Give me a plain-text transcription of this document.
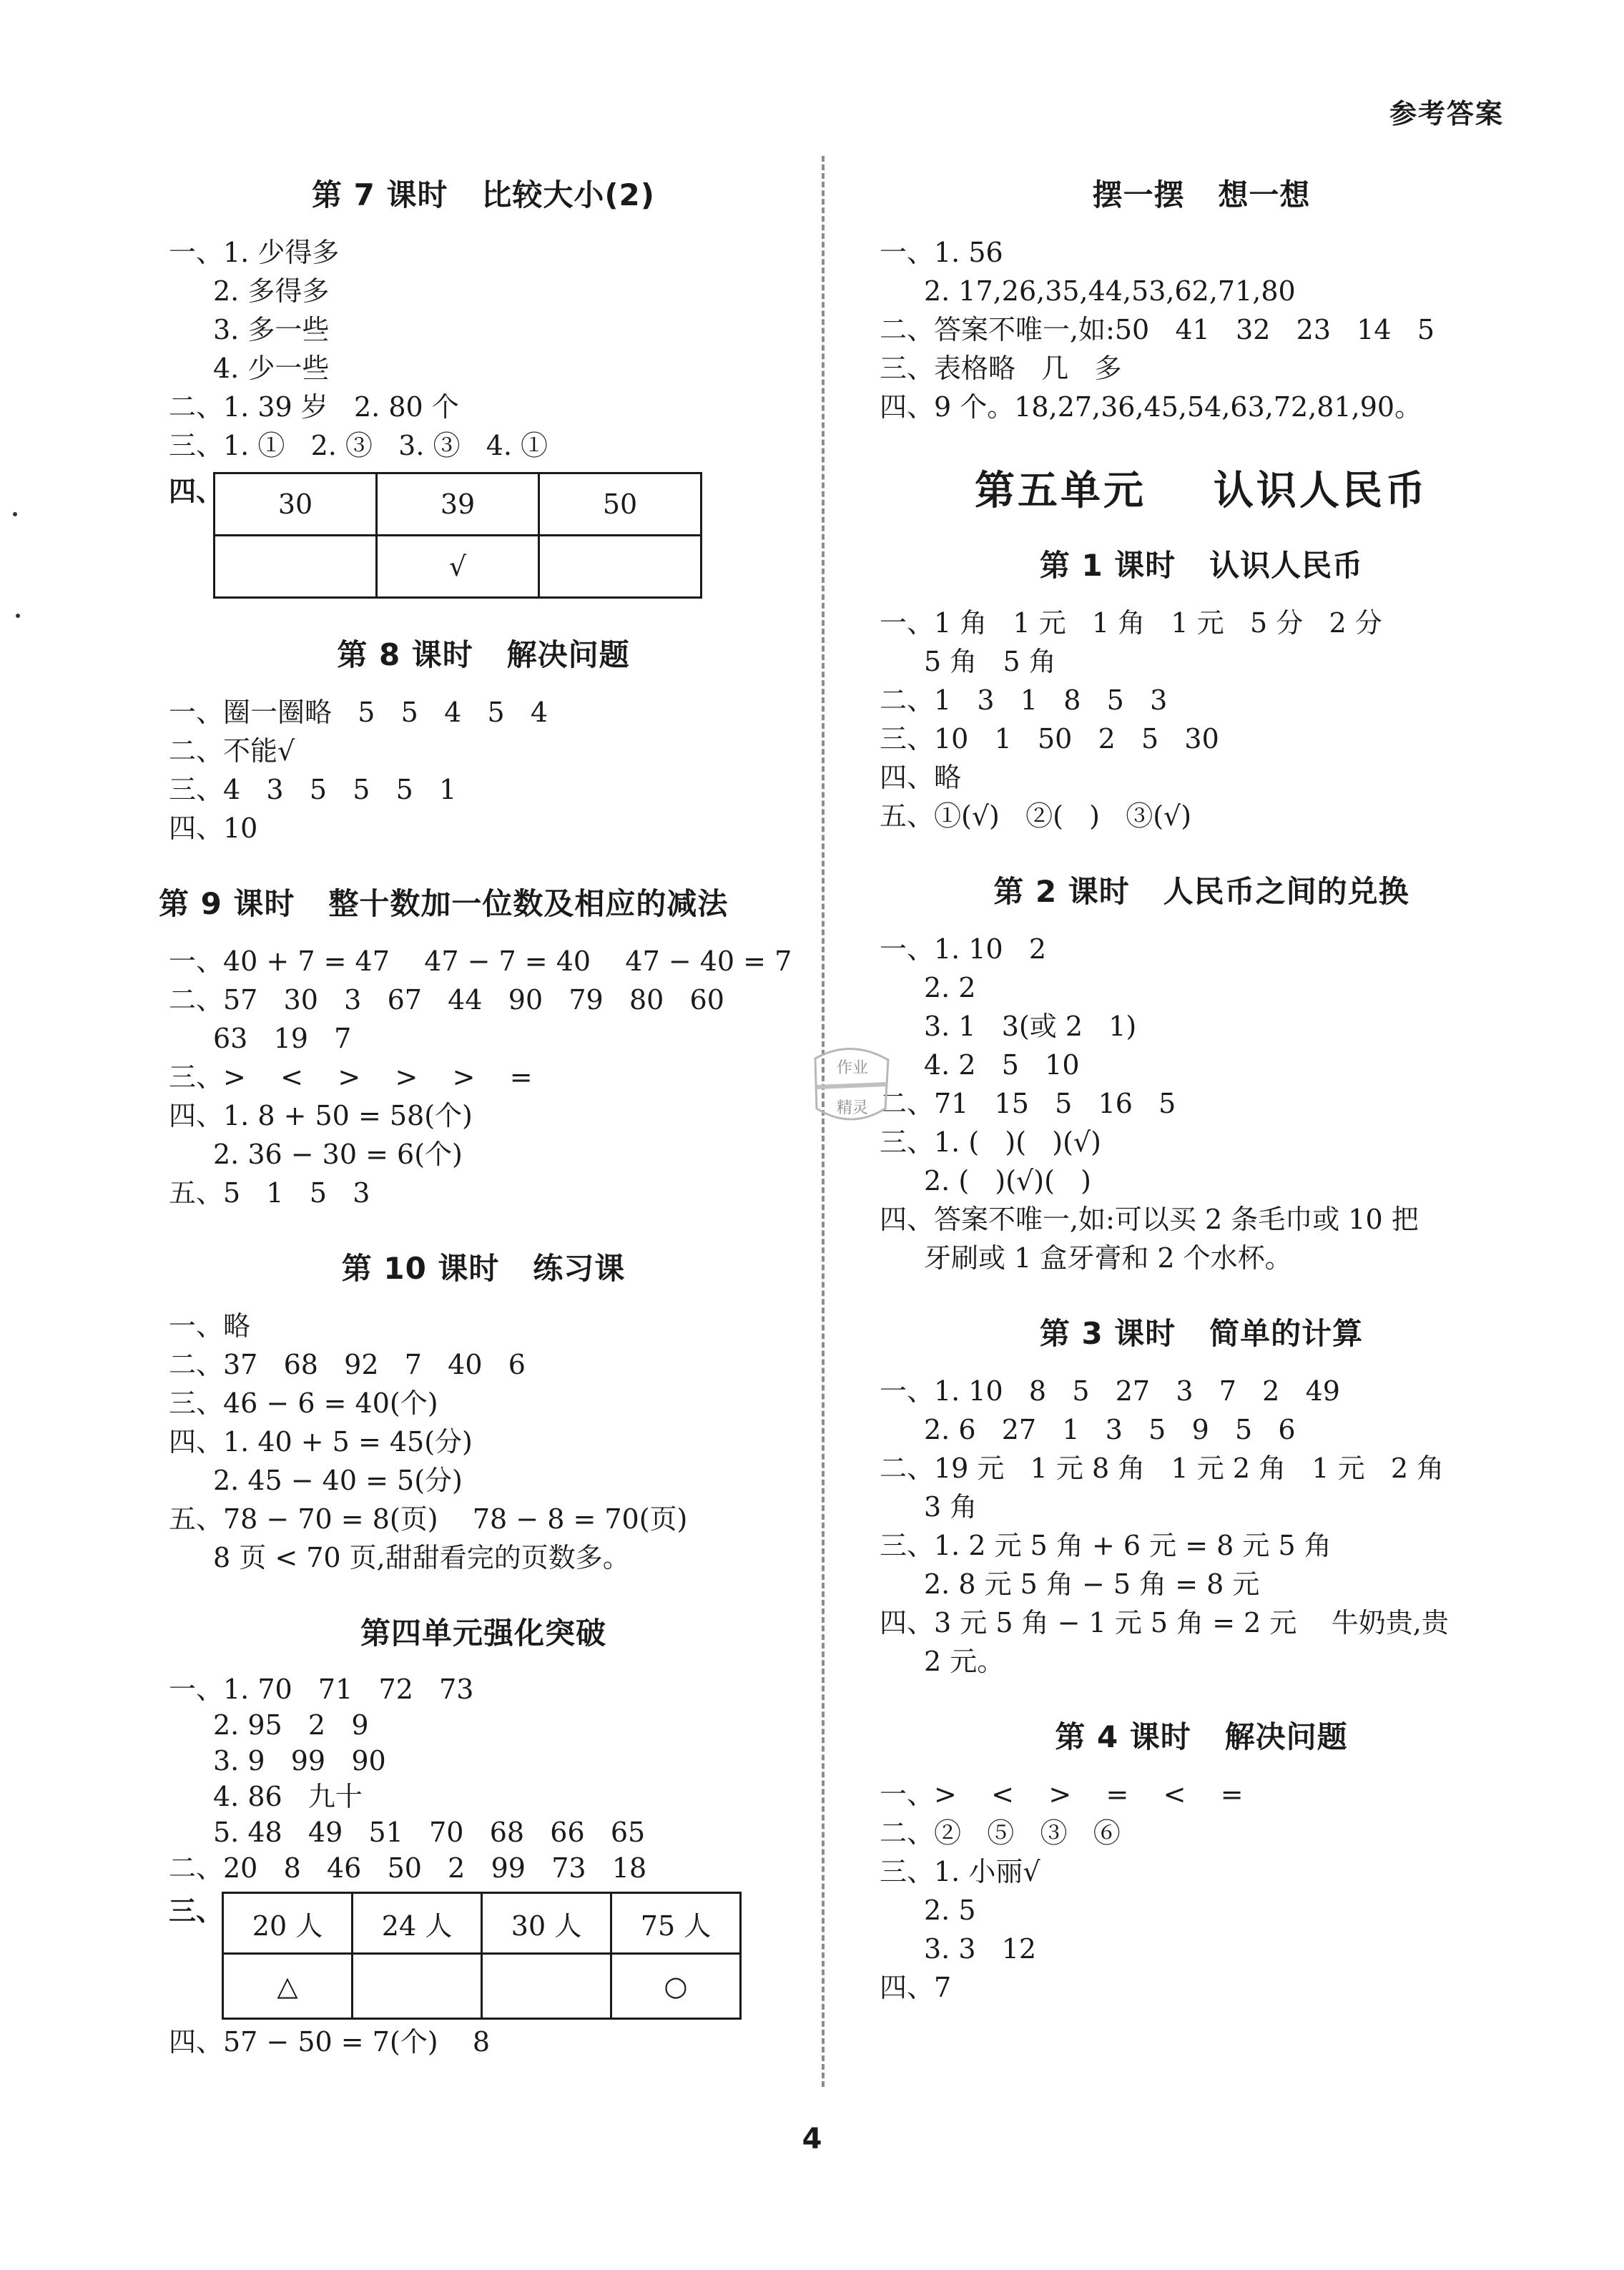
参考答案
第 7 课时   比较大小(2)
一、1. 少得多
2. 多得多
3. 多一些
4. 少一些
二、1. 39 岁   2. 80 个
三、1. ①   2. ③   3. ③   4. ①
四、 30	39	50
	√	
第 8 课时   解决问题
一、圈一圈略   5   5   4   5   4
二、不能√
三、4   3   5   5   5   1
四、10
第 9 课时   整十数加一位数及相应的减法
一、40 + 7 = 47    47 − 7 = 40    47 − 40 = 7
二、57   30   3   67   44   90   79   80   60
63   19   7
三、>    <    >    >    >    =
四、1. 8 + 50 = 58(个)
2. 36 − 30 = 6(个)
五、5   1   5   3
第 10 课时   练习课
一、略
二、37   68   92   7   40   6
三、46 − 6 = 40(个)
四、1. 40 + 5 = 45(分)
2. 45 − 40 = 5(分)
五、78 − 70 = 8(页)    78 − 8 = 70(页)
8 页 < 70 页,甜甜看完的页数多。
第四单元强化突破
一、1. 70   71   72   73
2. 95   2   9
3. 9   99   90
4. 86   九十
5. 48   49   51   70   68   66   65
二、20   8   46   50   2   99   73   18
三、 20 人	24 人	30 人	75 人
△			○
四、57 − 50 = 7(个)    8
摆一摆   想一想
一、1. 56
2. 17,26,35,44,53,62,71,80
二、答案不唯一,如:50   41   32   23   14   5
三、表格略   几   多
四、9 个。18,27,36,45,54,63,72,81,90。
第五单元    认识人民币
第 1 课时   认识人民币
一、1 角   1 元   1 角   1 元   5 分   2 分
5 角   5 角
二、1   3   1   8   5   3
三、10   1   50   2   5   30
四、略
五、①(√)   ②(   )   ③(√)
第 2 课时   人民币之间的兑换
一、1. 10   2
2. 2
3. 1   3(或 2   1)
4. 2   5   10
二、71   15   5   16   5
三、1. (   )(   )(√)
2. (   )(√)(   )
四、答案不唯一,如:可以买 2 条毛巾或 10 把
牙刷或 1 盒牙膏和 2 个水杯。
第 3 课时   简单的计算
一、1. 10   8   5   27   3   7   2   49
2. 6   27   1   3   5   9   5   6
二、19 元   1 元 8 角   1 元 2 角   1 元   2 角
3 角
三、1. 2 元 5 角 + 6 元 = 8 元 5 角
2. 8 元 5 角 − 5 角 = 8 元
四、3 元 5 角 − 1 元 5 角 = 2 元    牛奶贵,贵
2 元。
第 4 课时   解决问题
一、>    <    >    =    <    =
二、②   ⑤   ③   ⑥
三、1. 小丽√
2. 5
3. 3   12
四、7
作业
精灵
4
